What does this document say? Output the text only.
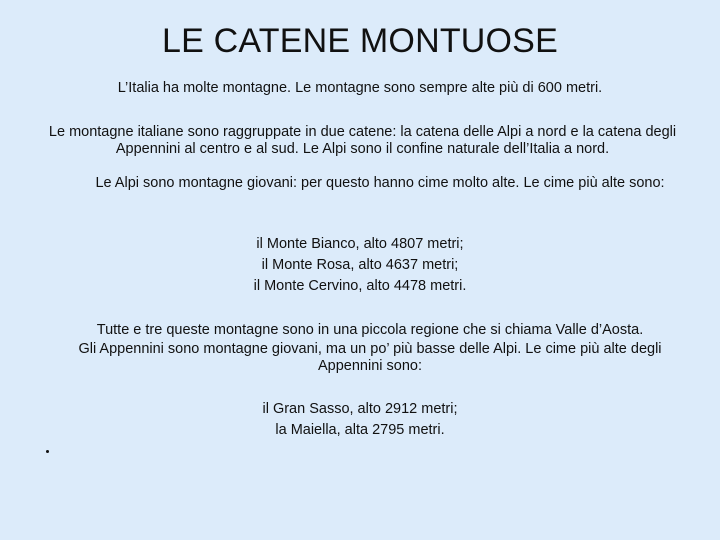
LE CATENE MONTUOSE
L’Italia ha molte montagne. Le montagne sono sempre alte più di 600 metri.
Le montagne italiane sono raggruppate in due catene: la catena delle Alpi a nord e la catena degli Appennini al centro e al sud. Le Alpi sono il confine naturale dell’Italia a nord.
Le Alpi sono montagne giovani: per questo hanno cime molto alte. Le cime più alte sono:
il Monte Bianco, alto 4807 metri;
il Monte Rosa, alto 4637 metri;
il Monte Cervino, alto 4478 metri.
Tutte e tre queste montagne sono in una piccola regione che si chiama Valle d’Aosta.
Gli Appennini sono montagne giovani, ma un po’ più basse delle Alpi. Le cime più alte degli Appennini sono:
il Gran Sasso, alto 2912 metri;
la Maiella, alta 2795 metri.
